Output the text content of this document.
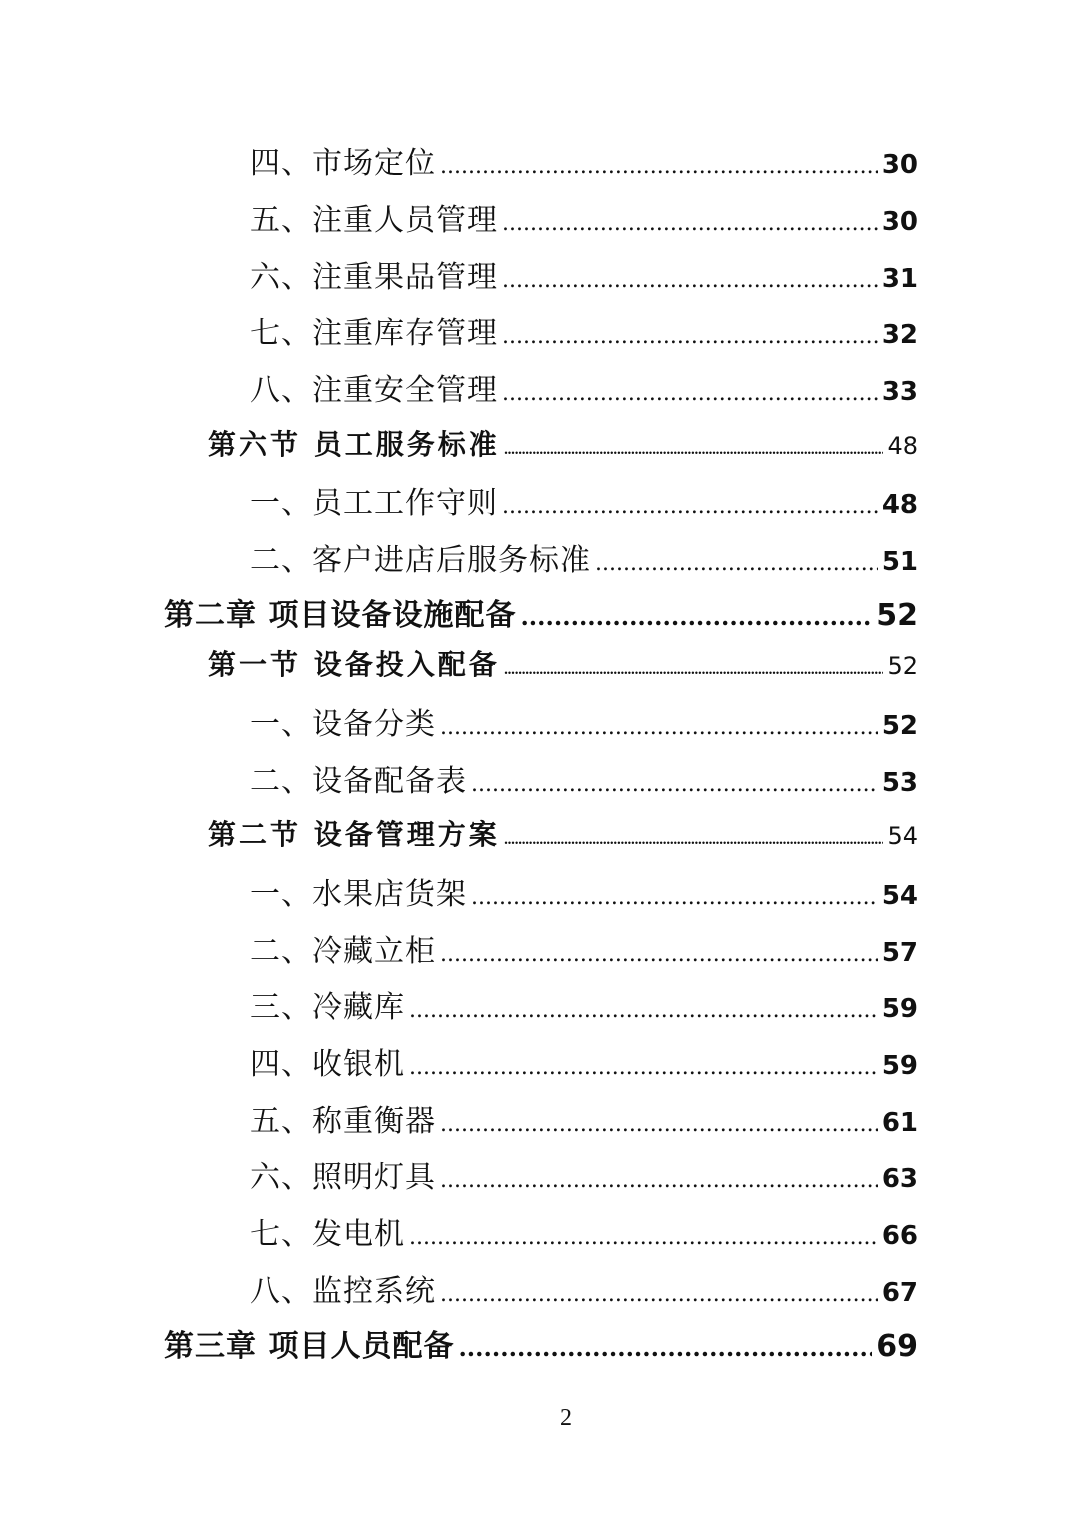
四、市场定位 .....	30
五、注重人员管理 .....	30
六、注重果品管理 .....	31
七、注重库存管理 .....	32
八、注重安全管理 .....	33
第六节 员工服务标准 .....	48
一、员工工作守则 .....	48
二、客户进店后服务标准 .....	51
第二章 项目设备设施配备 .....	52
第一节 设备投入配备 .....	52
一、设备分类 .....	52
二、设备配备表 .....	53
第二节 设备管理方案 .....	54
一、水果店货架 .....	54
二、冷藏立柜 .....	57
三、冷藏库 .....	59
四、收银机 .....	59
五、称重衡器 .....	61
六、照明灯具 .....	63
七、发电机 .....	66
八、监控系统 .....	67
第三章 项目人员配备 .....	69
2
